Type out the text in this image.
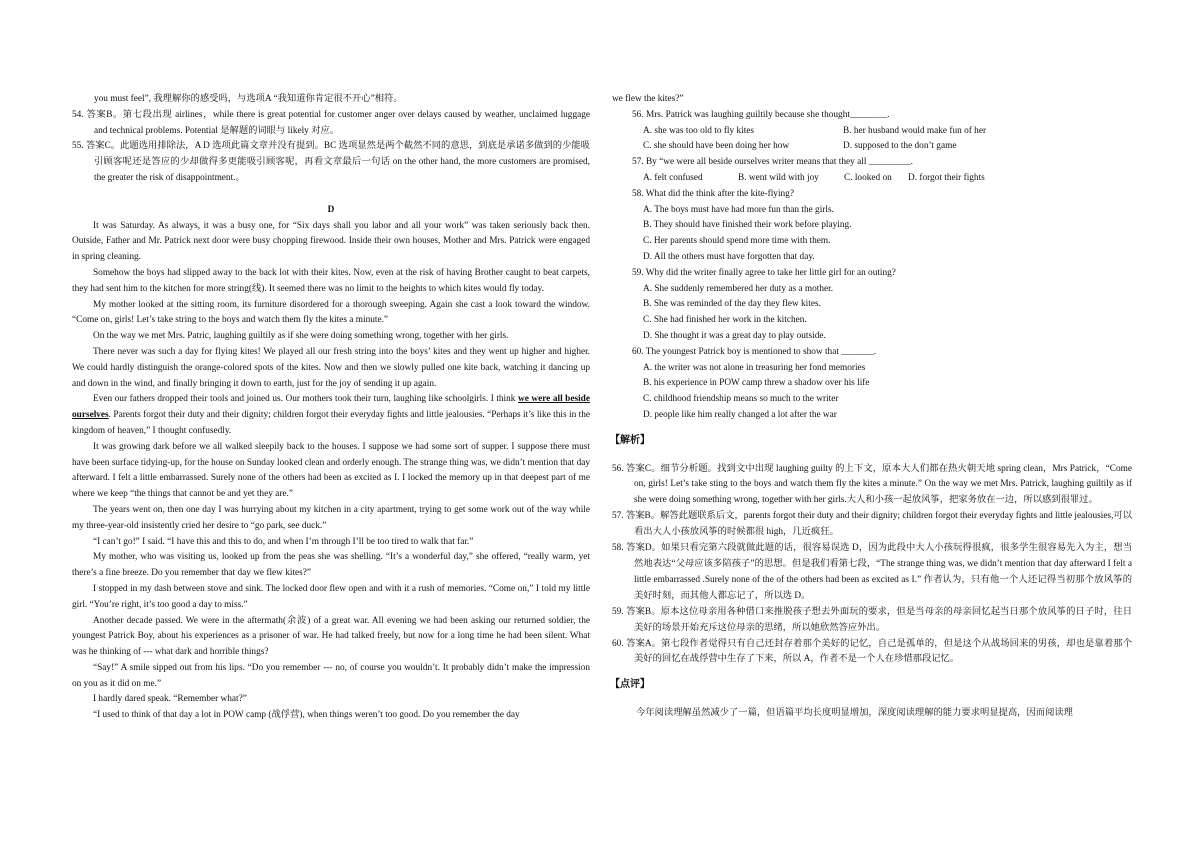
you must feel”, 我理解你的感受吗，与选项A “我知道你肯定很不开心”相符。

54. 答案B。第七段出现 airlines，while there is great potential for customer anger over delays caused by weather, unclaimed luggage and technical problems. Potential 是解题的词眼与 likely 对应。

55. 答案C。此题选用排除法，A D 选项此篇文章并没有提到。BC 选项显然是两个截然不同的意思，到底是承诺多做到的少能吸引顾客呢还是答应的少却做得多更能吸引顾客呢，再看文章最后一句话 on the other hand, the more customers are promised, the greater the risk of disappointment.。

D

It was Saturday. As always, it was a busy one, for “Six days shall you labor and all your work” was taken seriously back then. Outside, Father and Mr. Patrick next door were busy chopping firewood. Inside their own houses, Mother and Mrs. Patrick were engaged in spring cleaning.

Somehow the boys had slipped away to the back lot with their kites. Now, even at the risk of having Brother caught to beat carpets, they had sent him to the kitchen for more string(线). It seemed there was no limit to the heights to which kites would fly today.

My mother looked at the sitting room, its furniture disordered for a thorough sweeping. Again she cast a look toward the window. “Come on, girls! Let’s take string to the boys and watch them fly the kites a minute.”

On the way we met Mrs. Patric, laughing guiltily as if she were doing something wrong, together with her girls.

There never was such a day for flying kites! We played all our fresh string into the boys’ kites and they went up higher and higher. We could hardly distinguish the orange-colored spots of the kites. Now and then we slowly pulled one kite back, watching it dancing up and down in the wind, and finally bringing it down to earth, just for the joy of sending it up again.

Even our fathers dropped their tools and joined us. Our mothers took their turn, laughing like schoolgirls. I think we were all beside ourselves. Parents forgot their duty and their dignity; children forgot their everyday fights and little jealousies. “Perhaps it’s like this in the kingdom of heaven,” I thought confusedly.

It was growing dark before we all walked sleepily back to the houses. I suppose we had some sort of supper. I suppose there must have been surface tidying-up, for the house on Sunday looked clean and orderly enough. The strange thing was, we didn’t mention that day afterward. I felt a little embarrassed. Surely none of the others had been as excited as I. I locked the memory up in that deepest part of me where we keep “the things that cannot be and yet they are.”

The years went on, then one day I was hurrying about my kitchen in a city apartment, trying to get some work out of the way while my three-year-old insistently cried her desire to “go park, see duck.”

“I can’t go!” I said. “I have this and this to do, and when I’m through I’ll be too tired to walk that far.”

My mother, who was visiting us, looked up from the peas she was shelling. “It’s a wonderful day,” she offered, “really warm, yet there’s a fine breeze. Do you remember that day we flew kites?”

I stopped in my dash between stove and sink. The locked door flew open and with it a rush of memories. “Come on,” I told my little girl. “You’re right, it’s too good a day to miss.”

Another decade passed. We were in the aftermath(余波) of a great war. All evening we had been asking our returned soldier, the youngest Patrick Boy, about his experiences as a prisoner of war. He had talked freely, but now for a long time he had been silent. What was he thinking of --- what dark and horrible things?

“Say!” A smile sipped out from his lips. “Do you remember --- no, of course you wouldn’t. It probably didn’t make the impression on you as it did on me.”

I hardly dared speak. “Remember what?”

“I used to think of that day a lot in POW camp (战俘营), when things weren’t too good. Do you remember the day

we flew the kites?”

56. Mrs. Patrick was laughing guiltily because she thought________.

A. she was too old to fly kites	B. her husband would make fun of her

C. she should have been doing her how	D. supposed to the don’t game

57. By “we were all beside ourselves writer means that they all _________.

A. felt confused	B. went wild with joy	C. looked on	D. forgot their fights

58. What did the think after the kite-flying?

A. The boys must have had more fun than the girls.

B. They should have finished their work before playing.

C. Her parents should spend more time with them.

D. All the others must have forgotten that day.

59. Why did the writer finally agree to take her little girl for an outing?

A. She suddenly remembered her duty as a mother.

B. She was reminded of the day they flew kites.

C. She had finished her work in the kitchen.

D. She thought it was a great day to play outside.

60. The youngest Patrick boy is mentioned to show that _______.

A. the writer was not alone in treasuring her fond memories

B. his experience in POW camp threw a shadow over his life

C. childhood friendship means so much to the writer

D. people like him really changed a lot after the war

【解析】

56. 答案C。细节分析题。找到文中出现 laughing guilty 的上下文，原本大人们都在热火朝天地 spring clean，Mrs Patrick，“Come on, girls! Let’s take sting to the boys and watch them fly the kites a minute.” On the way we met Mrs. Patrick, laughing guiltily as if she were doing something wrong, together with her girls.大人和小孩一起放风筝，把家务放在一边，所以感到很罪过。

57. 答案B。解答此题联系后文，parents forgot their duty and their dignity; children forgot their everyday fights and little jealousies,可以看出大人小孩放风筝的时候都很 high，几近疯狂。

58. 答案D。如果只看完第六段就做此题的话，很容易误选 D，因为此段中大人小孩玩得很疯，很多学生很容易先入为主，想当然地表达“父母应该多陪孩子”的思想。但是我们看第七段，“The strange thing was, we didn’t mention that day afterward I felt a little embarrassed .Surely none of the of the others had been as excited as I.” 作者认为，只有他一个人还记得当初那个放风筝的美好时刻，而其他人都忘记了，所以选 D。

59. 答案B。原本这位母亲用各种借口来推脱孩子想去外面玩的要求，但是当母亲的母亲回忆起当日那个放风筝的日子时，往日美好的场景开始充斥这位母亲的思绪，所以她欣然答应外出。

60. 答案A。第七段作者觉得只有自己还封存着那个美好的记忆，自己是孤单的，但是这个从战场回来的男孩，却也是靠着那个美好的回忆在战俘营中生存了下来，所以 A，作者不是一个人在珍惜那段记忆。

【点评】

今年阅读理解虽然减少了一篇，但语篇平均长度明显增加，深度阅读理解的能力要求明显提高，因而阅读理
